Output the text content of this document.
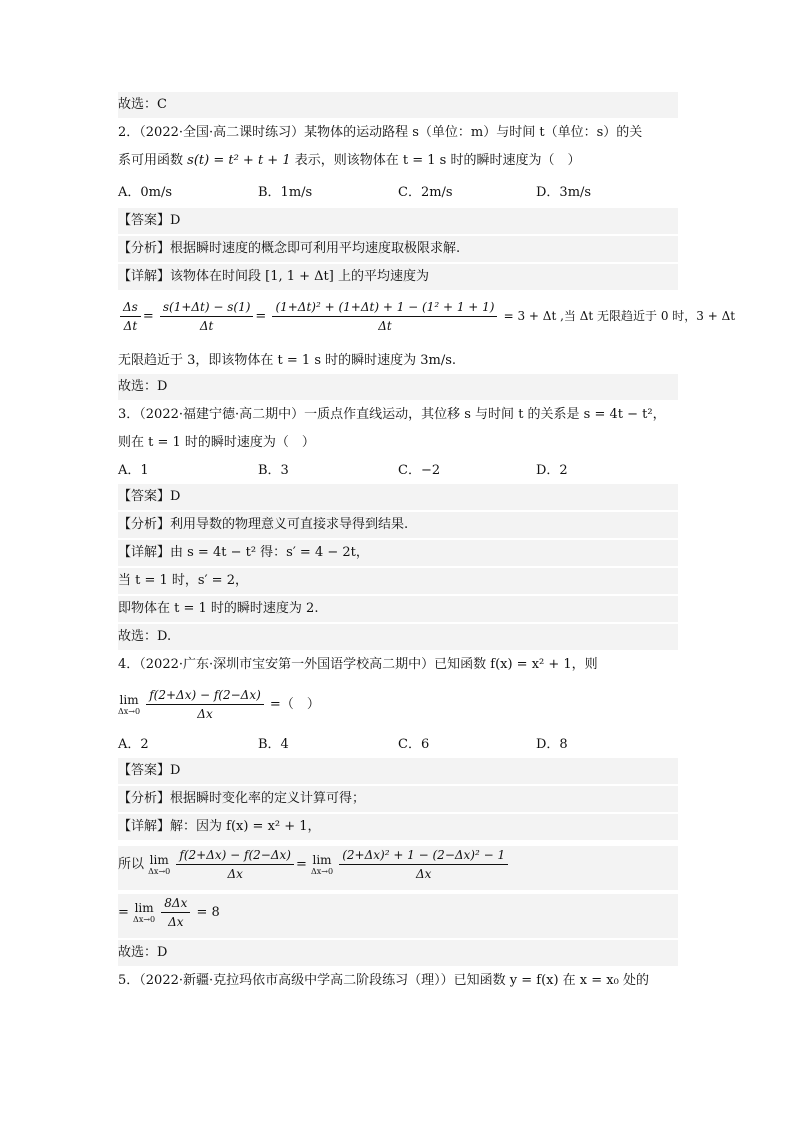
故选：C
2．（2022·全国·高二课时练习）某物体的运动路程 s（单位：m）与时间 t（单位：s）的关
系可用函数 s(t) = t² + t + 1 表示，则该物体在 t = 1 s 时的瞬时速度为（　）
A．0m/s	B．1m/s	C．2m/s	D．3m/s
【答案】D
【分析】根据瞬时速度的概念即可利用平均速度取极限求解.
【详解】该物体在时间段 [1, 1 + Δt] 上的平均速度为
$\frac{\Delta s}{\Delta t} = \frac{s(1+\Delta t) - s(1)}{\Delta t} = \frac{\text{(1+Δt)² + (1+Δt) + 1 − (1² + 1 + 1)}}{\Delta t} = 3 + \Delta t$ ,当 Δt 无限趋近于 0 时，3 + Δt
无限趋近于 3，即该物体在 t = 1 s 时的瞬时速度为 3m/s.
故选：D
3．（2022·福建宁德·高二期中）一质点作直线运动，其位移 s 与时间 t 的关系是 s = 4t − t²，
则在 t = 1 时的瞬时速度为（　）
A．1	B．3	C．−2	D．2
【答案】D
【分析】利用导数的物理意义可直接求导得到结果.
【详解】由 s = 4t − t² 得：s′ = 4 − 2t，
当 t = 1 时，s′ = 2，
即物体在 t = 1 时的瞬时速度为 2.
故选：D.
4．（2022·广东·深圳市宝安第一外国语学校高二期中）已知函数 f(x) = x² + 1，则
lim
Δx→0
$\frac{f(2+\Delta x) - f(2-\Delta x)}{\Delta x}$ =（　）
A．2	B．4	C．6	D．8
【答案】D
【分析】根据瞬时变化率的定义计算可得；
【详解】解：因为 f(x) = x² + 1，
所以 lim
Δx→0
$\frac{f(2+\Delta x) - f(2-\Delta x)}{\Delta x} = \lim$
Δx→0
$\frac{\text{(2+Δx)² + 1 − (2−Δx)² − 1}}{\Delta x}$
= lim
Δx→0
$\frac{8\Delta x}{\Delta x} = 8$
故选：D
5．（2022·新疆·克拉玛依市高级中学高二阶段练习（理））已知函数 y = f(x) 在 x = x₀ 处的
